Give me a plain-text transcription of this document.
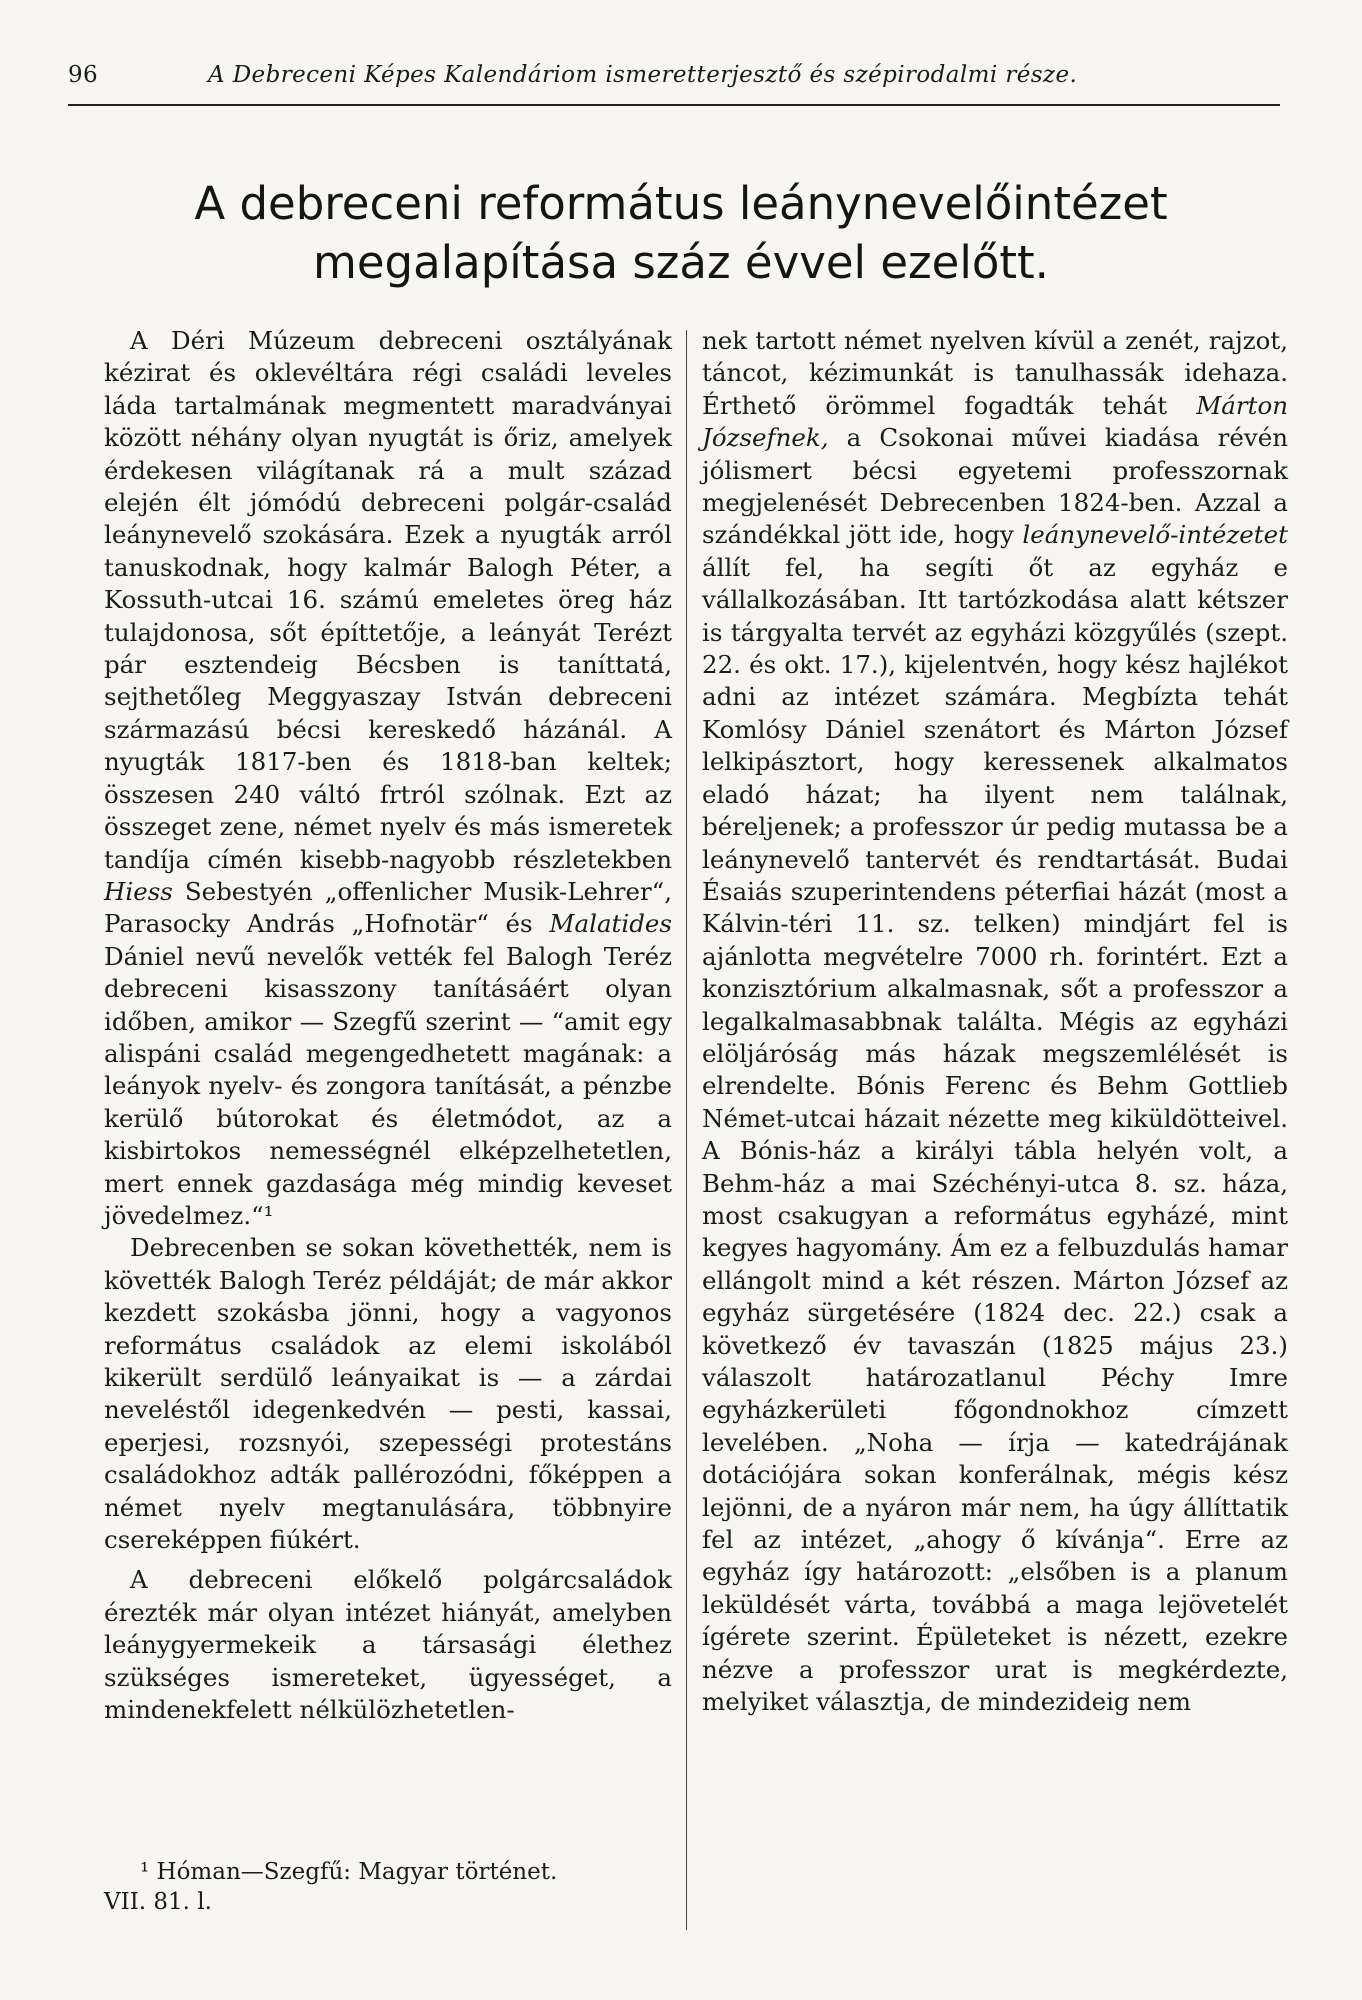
96	A Debreceni Képes Kalendáriom ismeretterjesztő és szépirodalmi része.
A debreceni református leánynevelőintézet
megalapítása száz évvel ezelőtt.

A Déri Múzeum debreceni osztályának kézirat és oklevéltára régi családi leveles láda tartalmának megmentett maradványai között néhány olyan nyugtát is őriz, amelyek érdekesen világítanak rá a mult század elején élt jómódú debreceni polgár-család leánynevelő szokására. Ezek a nyugták arról tanuskodnak, hogy kalmár Balogh Péter, a Kossuth-utcai 16. számú emeletes öreg ház tulajdonosa, sőt építtetője, a leányát Terézt pár esztendeig Bécsben is taníttatá, sejthetőleg Meggyaszay István debreceni származású bécsi kereskedő házánál. A nyugták 1817-ben és 1818-ban keltek; összesen 240 váltó frtról szólnak. Ezt az összeget zene, német nyelv és más ismeretek tandíja címén kisebb-nagyobb részletekben Hiess Sebestyén „offenlicher Musik-Lehrer“, Parasocky András „Hofnotär“ és Malatides Dániel nevű nevelők vették fel Balogh Teréz debreceni kisasszony tanításáért olyan időben, amikor — Szegfű szerint — “amit egy alispáni család megengedhetett magának: a leányok nyelv- és zongora tanítását, a pénzbe kerülő bútorokat és életmódot, az a kisbirtokos nemességnél elképzelhetetlen, mert ennek gazdasága még mindig keveset jövedelmez.“¹

Debrecenben se sokan követhették, nem is követték Balogh Teréz példáját; de már akkor kezdett szokásba jönni, hogy a vagyonos református családok az elemi iskolából kikerült serdülő leányaikat is — a zárdai neveléstől idegenkedvén — pesti, kassai, eperjesi, rozsnyói, szepességi protestáns családokhoz adták pallérozódni, főképpen a német nyelv megtanulására, többnyire csereképpen fiúkért.

A debreceni előkelő polgárcsaládok érezték már olyan intézet hiányát, amelyben leánygyermekeik a társasági élethez szükséges ismereteket, ügyességet, a mindenekfelett nélkülözhetetlen-

¹ Hóman—Szegfű: Magyar történet.
VII. 81. l.

nek tartott német nyelven kívül a zenét, rajzot, táncot, kézimunkát is tanulhassák idehaza. Érthető örömmel fogadták tehát Márton Józsefnek, a Csokonai művei kiadása révén jólismert bécsi egyetemi professzornak megjelenését Debrecenben 1824-ben. Azzal a szándékkal jött ide, hogy leánynevelő-intézetet állít fel, ha segíti őt az egyház e vállalkozásában. Itt tartózkodása alatt kétszer is tárgyalta tervét az egyházi közgyűlés (szept. 22. és okt. 17.), kijelentvén, hogy kész hajlékot adni az intézet számára. Megbízta tehát Komlósy Dániel szenátort és Márton József lelkipásztort, hogy keressenek alkalmatos eladó házat; ha ilyent nem találnak, béreljenek; a professzor úr pedig mutassa be a leánynevelő tantervét és rendtartását. Budai Ésaiás szuperintendens péterfiai házát (most a Kálvin-téri 11. sz. telken) mindjárt fel is ajánlotta megvételre 7000 rh. forintért. Ezt a konzisztórium alkalmasnak, sőt a professzor a legalkalmasabbnak találta. Mégis az egyházi elöljáróság más házak megszemlélését is elrendelte. Bónis Ferenc és Behm Gottlieb Német-utcai házait nézette meg kiküldötteivel. A Bónis-ház a királyi tábla helyén volt, a Behm-ház a mai Széchényi-utca 8. sz. háza, most csakugyan a református egyházé, mint kegyes hagyomány. Ám ez a felbuzdulás hamar ellángolt mind a két részen. Márton József az egyház sürgetésére (1824 dec. 22.) csak a következő év tavaszán (1825 május 23.) válaszolt határozatlanul Péchy Imre egyházkerületi főgondnokhoz címzett levelében. „Noha — írja — katedrájának dotációjára sokan konferálnak, mégis kész lejönni, de a nyáron már nem, ha úgy állíttatik fel az intézet, „ahogy ő kívánja“. Erre az egyház így határozott: „elsőben is a planum leküldését várta, továbbá a maga lejövetelét ígérete szerint. Épületeket is nézett, ezekre nézve a professzor urat is megkérdezte, melyiket választja, de mindezideig nem
